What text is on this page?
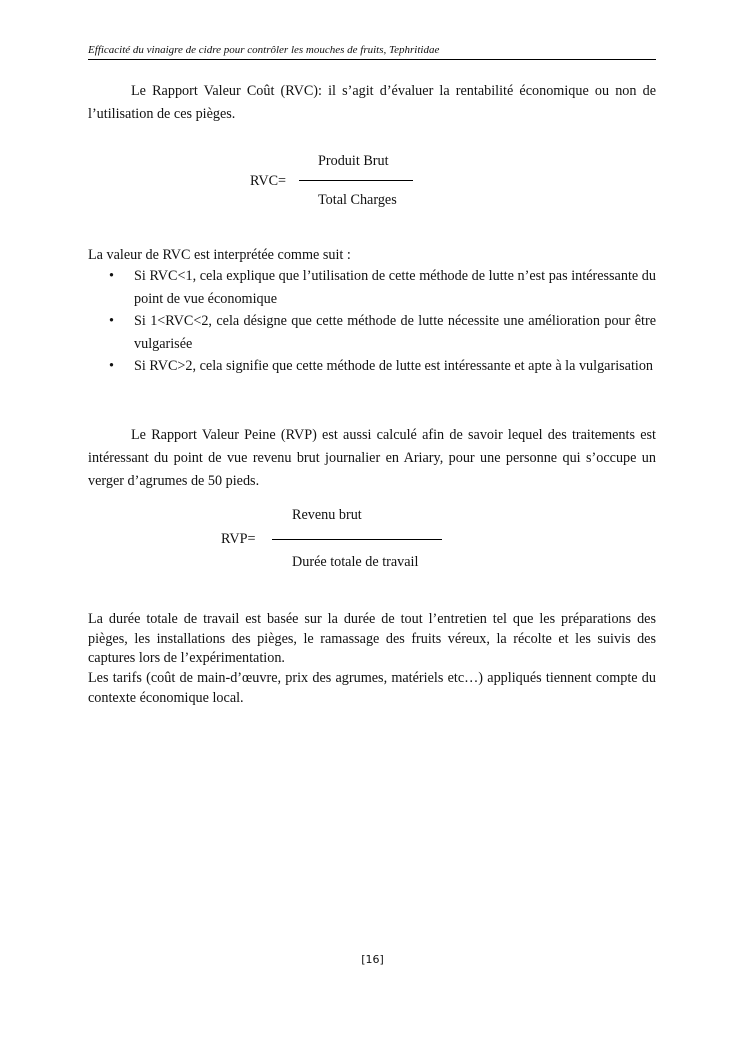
Efficacité du vinaigre de cidre pour contrôler les mouches de fruits, Tephritidae

Le Rapport Valeur Coût (RVC): il s’agit d’évaluer la rentabilité économique ou non de l’utilisation de ces pièges.

Produit Brut
RVC=
Total Charges

La valeur de RVC est interprétée comme suit :

• Si RVC<1, cela explique que l’utilisation de cette méthode de lutte n’est pas intéressante du point de vue économique
• Si 1<RVC<2, cela désigne que cette méthode de lutte nécessite une amélioration pour être vulgarisée
• Si RVC>2, cela signifie que cette méthode de lutte est intéressante et apte à la vulgarisation

Le Rapport Valeur Peine (RVP) est aussi calculé afin de savoir lequel des traitements est intéressant du point de vue revenu brut journalier en Ariary, pour une personne qui s’occupe un verger d’agrumes de 50 pieds.

Revenu brut
RVP=
Durée totale de travail

La durée totale de travail est basée sur la durée de tout l’entretien tel que les préparations des pièges, les installations des pièges, le ramassage des fruits véreux, la récolte et les suivis des captures lors de l’expérimentation.

Les tarifs (coût de main-d’œuvre, prix des agrumes, matériels etc…) appliqués tiennent compte du contexte économique local.

[16]
